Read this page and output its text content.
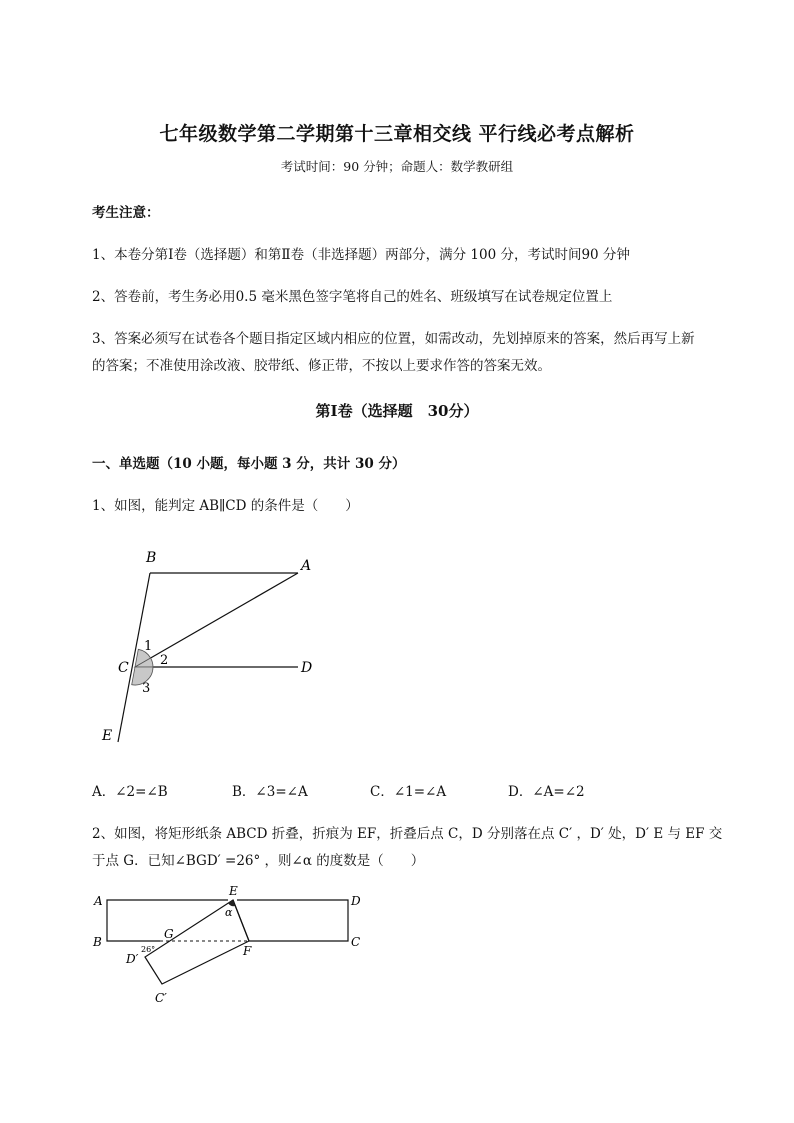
七年级数学第二学期第十三章相交线 平行线必考点解析
考试时间：90 分钟；命题人：数学教研组
考生注意：
1、本卷分第Ⅰ卷（选择题）和第Ⅱ卷（非选择题）两部分，满分 100 分，考试时间90 分钟
2、答卷前，考生务必用0.5 毫米黑色签字笔将自己的姓名、班级填写在试卷规定位置上
3、答案必须写在试卷各个题目指定区域内相应的位置，如需改动，先划掉原来的答案，然后再写上新
的答案；不准使用涂改液、胶带纸、修正带，不按以上要求作答的答案无效。
第Ⅰ卷（选择题　30分）
一、单选题（10 小题，每小题 3 分，共计 30 分）
1、如图，能判定 AB∥CD 的条件是（　　）
B	A
C	D
E
1
2
3
A．∠2=∠B	B．∠3=∠A	C．∠1=∠A	D．∠A=∠2
2、如图，将矩形纸条 ABCD 折叠，折痕为 EF，折叠后点 C，D 分别落在点 C′ ，D′ 处，D′ E 与 EF 交
于点 G．已知∠BGD′ =26° ，则∠α 的度数是（　　）
E
A	D
B	C
G
F
D′
C′
α
26°
